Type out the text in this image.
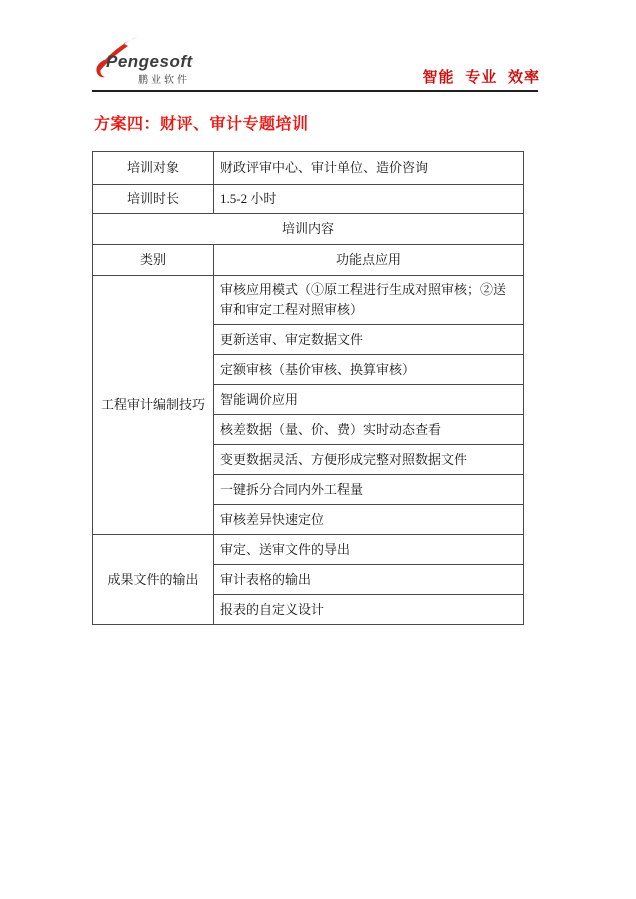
Pengesoft
鹏业软件	智能 专业 效率
方案四：财评、审计专题培训
培训对象	财政评审中心、审计单位、造价咨询
培训时长	1.5-2 小时
培训内容	
类别	功能点应用
工程审计编制技巧	审核应用模式（①原工程进行生成对照审核；②送审和审定工程对照审核）
	更新送审、审定数据文件
	定额审核（基价审核、换算审核）
	智能调价应用
	核差数据（量、价、费）实时动态查看
	变更数据灵活、方便形成完整对照数据文件
	一键拆分合同内外工程量
	审核差异快速定位
成果文件的输出	审定、送审文件的导出
	审计表格的输出
	报表的自定义设计
